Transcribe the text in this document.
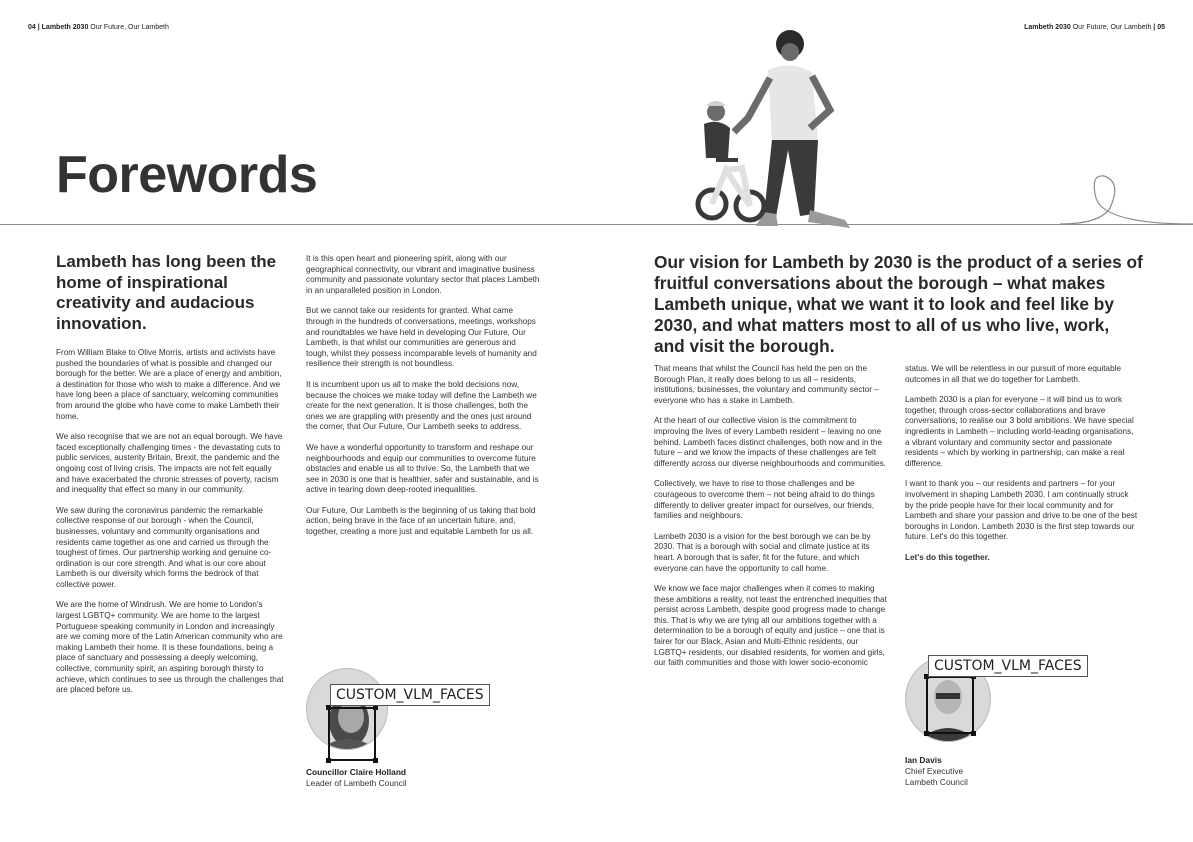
04 | Lambeth 2030 Our Future, Our Lambeth	Lambeth 2030 Our Future, Our Lambeth | 05
Forewords
Lambeth has long been the home of inspirational creativity and audacious innovation.

From William Blake to Olive Morris, artists and activists have pushed the boundaries of what is possible and changed our borough for the better. We are a place of energy and ambition, a destination for those who wish to make a difference. And we have long been a place of sanctuary, welcoming communities from around the globe who have come to make Lambeth their home.

We also recognise that we are not an equal borough. We have faced exceptionally challenging times - the devastating cuts to public services, austerity Britain, Brexit, the pandemic and the ongoing cost of living crisis. The impacts are not felt equally and have exacerbated the chronic stresses of poverty, racism and inequality that effect so many in our community.

We saw during the coronavirus pandemic the remarkable collective response of our borough - when the Council, businesses, voluntary and community organisations and residents came together as one and carried us through the toughest of times. Our partnership working and genuine co-ordination is our core strength. And what is our core about Lambeth is our diversity which forms the bedrock of that collective power.

We are the home of Windrush. We are home to London's largest LGBTQ+ community. We are home to the largest Portuguese speaking community in London and increasingly are we coming more of the Latin American community who are making Lambeth their home. It is these foundations, being a place of sanctuary and possessing a deeply welcoming, collective, community spirit, an aspiring borough thirsty to achieve, which continues to see us through the challenges that are placed before us.

It is this open heart and pioneering spirit, along with our geographical connectivity, our vibrant and imaginative business community and passionate voluntary sector that places Lambeth in an unparalleled position in London.

But we cannot take our residents for granted. What came through in the hundreds of conversations, meetings, workshops and roundtables we have held in developing Our Future, Our Lambeth, is that whilst our communities are generous and tough, whilst they possess incomparable levels of humanity and resilience their strength is not boundless.

It is incumbent upon us all to make the bold decisions now, because the choices we make today will define the Lambeth we create for the next generation. It is those challenges, both the ones we are grappling with presently and the ones just around the corner, that Our Future, Our Lambeth seeks to address.

We have a wonderful opportunity to transform and reshape our neighbourhoods and equip our communities to overcome future obstacles and enable us all to thrive. So, the Lambeth that we see in 2030 is one that is healthier, safer and sustainable, and is active in tearing down deep-rooted inequalities.

Our Future, Our Lambeth is the beginning of us taking that bold action, being brave in the face of an uncertain future, and, together, creating a more just and equitable Lambeth for us all.

CUSTOM_VLM_FACES
Councillor Claire Holland
Leader of Lambeth Council
Our vision for Lambeth by 2030 is the product of a series of fruitful conversations about the borough – what makes Lambeth unique, what we want it to look and feel like by 2030, and what matters most to all of us who live, work, and visit the borough.

That means that whilst the Council has held the pen on the Borough Plan, it really does belong to us all – residents, institutions, businesses, the voluntary and community sector – everyone who has a stake in Lambeth.

At the heart of our collective vision is the commitment to improving the lives of every Lambeth resident – leaving no one behind. Lambeth faces distinct challenges, both now and in the future – and we know the impacts of these challenges are felt differently across our diverse neighbourhoods and communities.

Collectively, we have to rise to those challenges and be courageous to overcome them – not being afraid to do things differently to deliver greater impact for ourselves, our friends, families and neighbours.

Lambeth 2030 is a vision for the best borough we can be by 2030. That is a borough with social and climate justice at its heart. A borough that is safer, fit for the future, and which everyone can have the opportunity to call home.

We know we face major challenges when it comes to making these ambitions a reality, not least the entrenched inequities that persist across Lambeth, despite good progress made to change this. That is why we are tying all our ambitions together with a determination to be a borough of equity and justice – one that is fairer for our Black, Asian and Multi-Ethnic residents, our LGBTQ+ residents, our disabled residents, for women and girls, our faith communities and those with lower socio-economic

status. We will be relentless in our pursuit of more equitable outcomes in all that we do together for Lambeth.

Lambeth 2030 is a plan for everyone – it will bind us to work together, through cross-sector collaborations and brave conversations, to realise our 3 bold ambitions. We have special ingredients in Lambeth – including world-leading organisations, a vibrant voluntary and community sector and passionate residents – which by working in partnership, can make a real difference.

I want to thank you – our residents and partners – for your involvement in shaping Lambeth 2030. I am continually struck by the pride people have for their local community and for Lambeth and share your passion and drive to be one of the best boroughs in London. Lambeth 2030 is the first step towards our future. Let's do this together.

Let's do this together.

CUSTOM_VLM_FACES
Ian Davis
Chief Executive
Lambeth Council
